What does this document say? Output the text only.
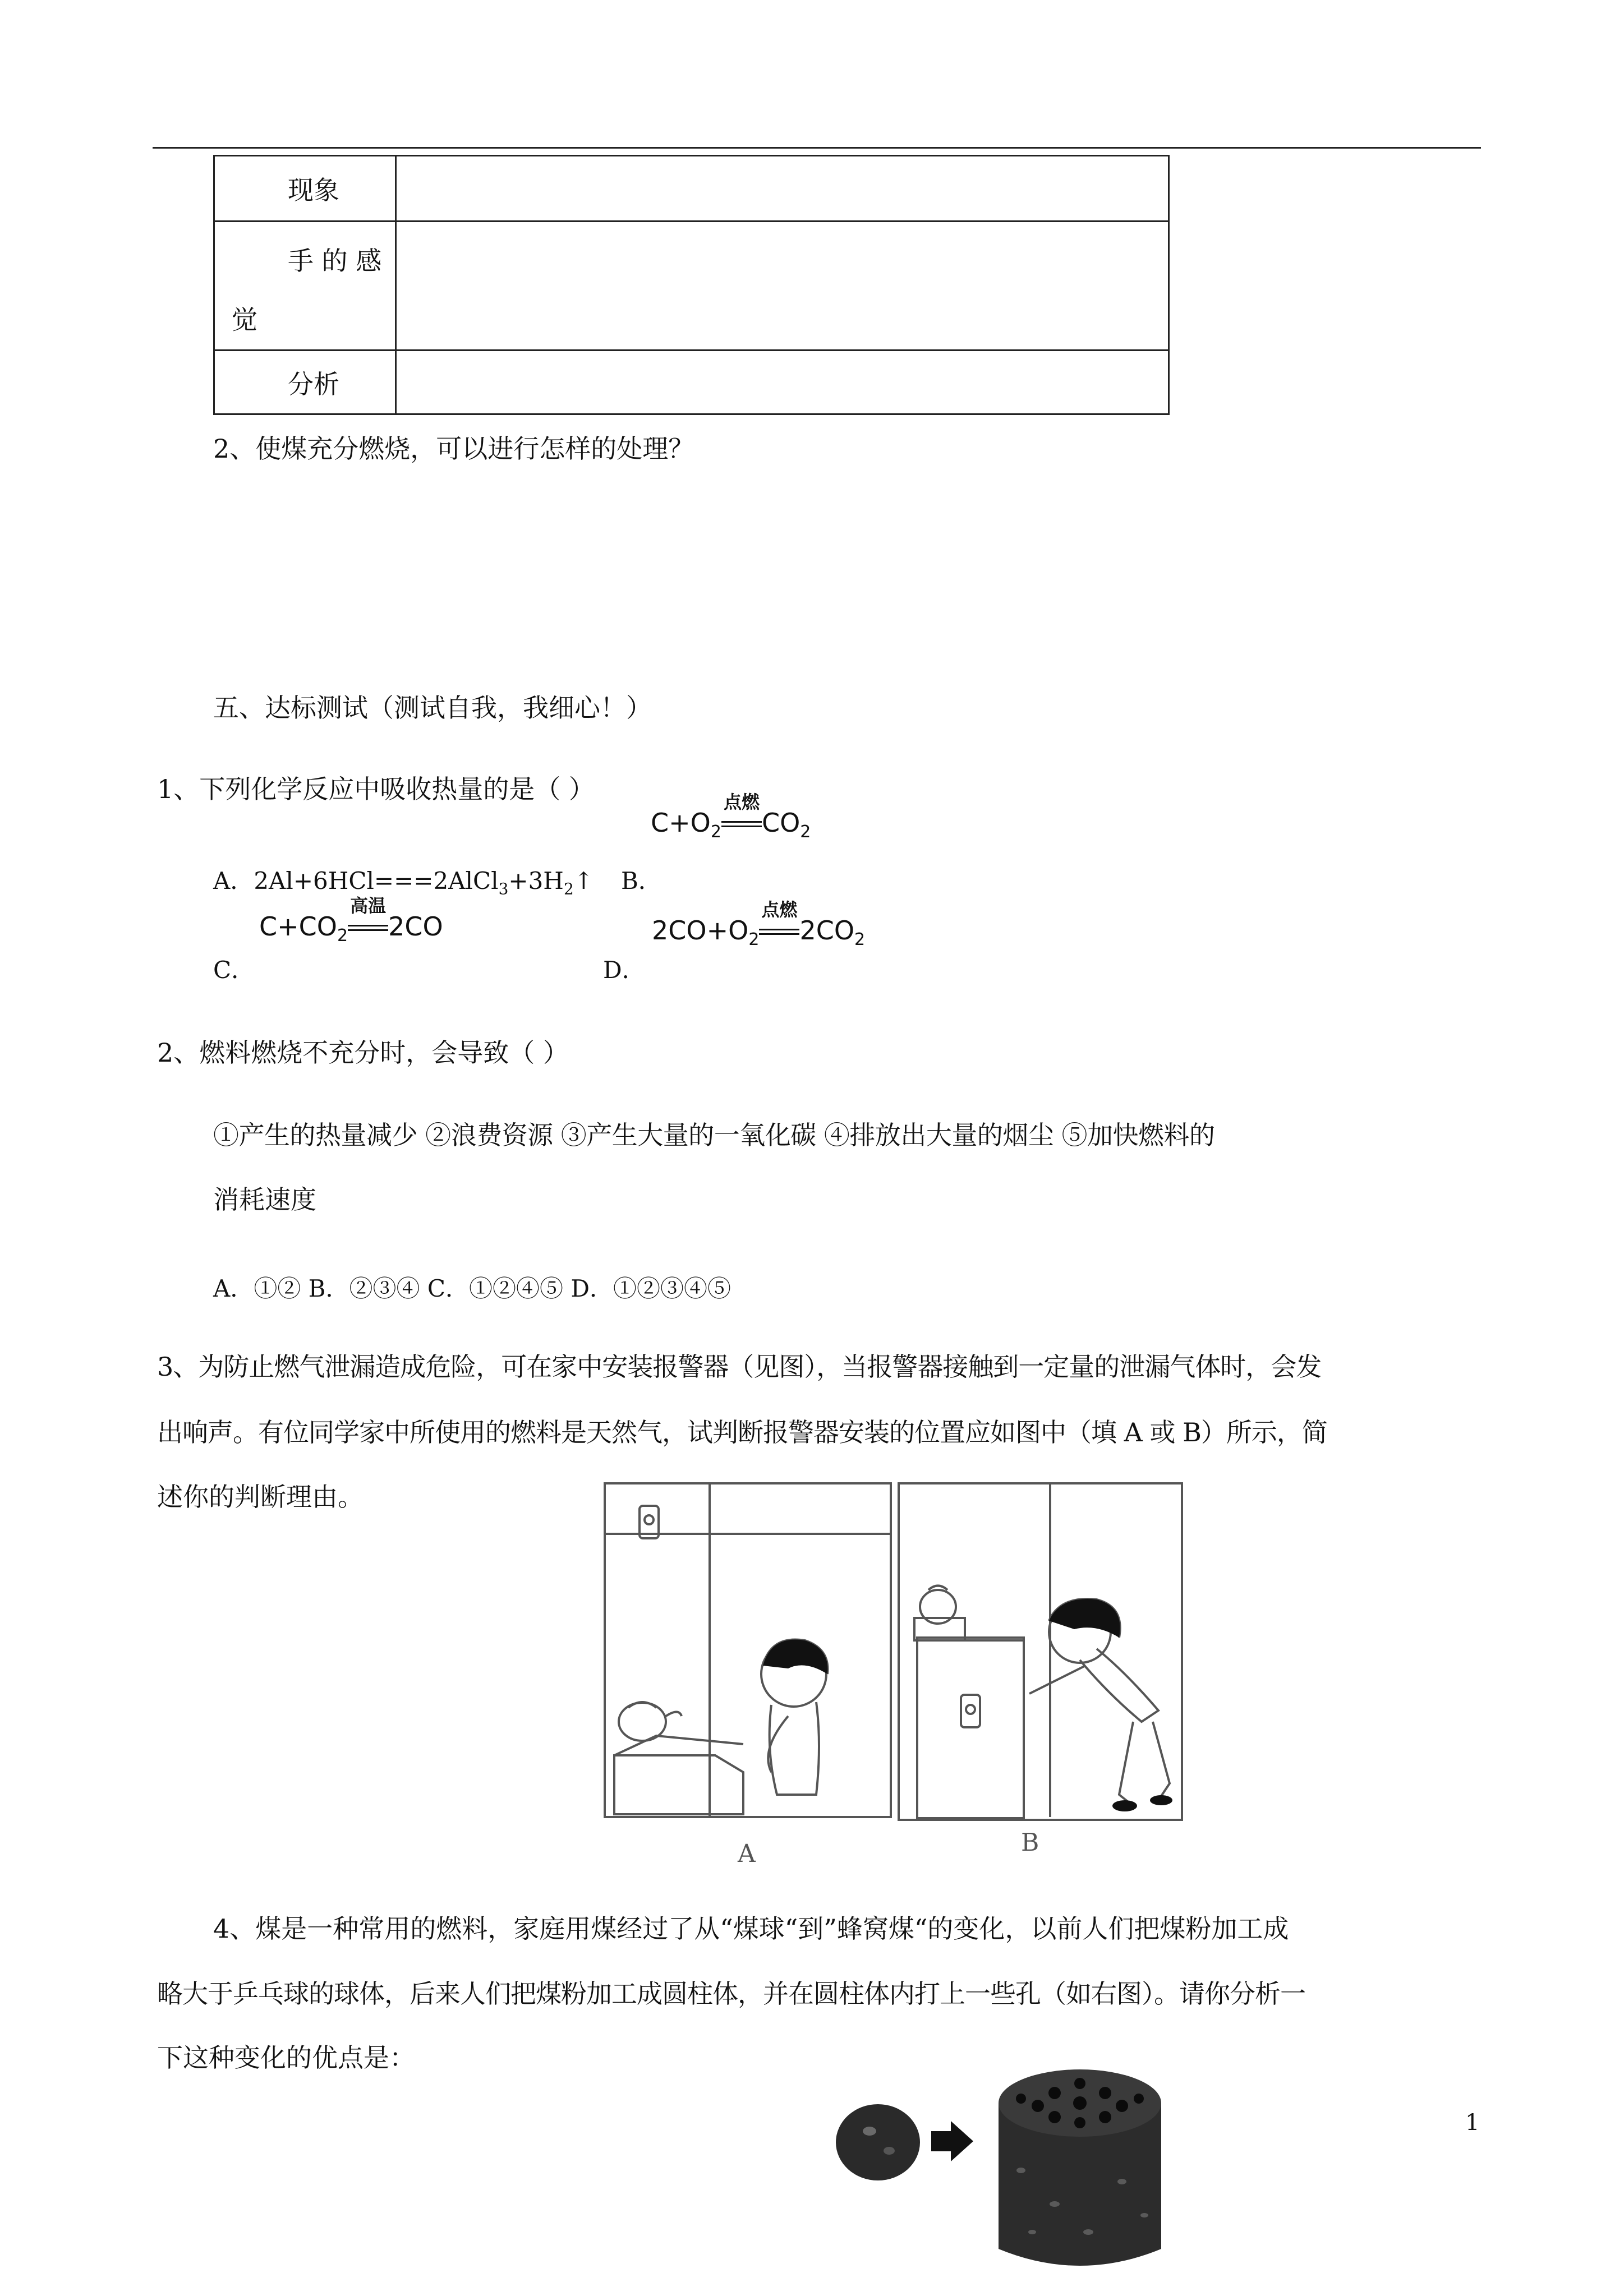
现象	

手 的 感
觉	

分析	
2、使煤充分燃烧，可以进行怎样的处理？
五、达标测试（测试自我，我细心！）
1、下列化学反应中吸收热量的是（ ）
A．$2Al+6HCl===2AlCl_3+3H_2↑$ B．
$C+O_2$
点燃
$CO_2$
$C+CO_2$
高温
2CO
C．
$2CO+O_2$
点燃
$2CO_2$
D．
2、燃料燃烧不充分时，会导致（ ）
①产生的热量减少 ②浪费资源 ③产生大量的一氧化碳 ④排放出大量的烟尘 ⑤加快燃料的
消耗速度
A．①② B．②③④ C．①②④⑤ D．①②③④⑤
3、为防止燃气泄漏造成危险，可在家中安装报警器（见图），当报警器接触到一定量的泄漏气体时，会发
出响声。有位同学家中所使用的燃料是天然气，试判断报警器安装的位置应如图中（填 A 或 B）所示，简
述你的判断理由。
A	B
4、煤是一种常用的燃料，家庭用煤经过了从“煤球“到”蜂窝煤“的变化，以前人们把煤粉加工成
略大于乒乓球的球体，后来人们把煤粉加工成圆柱体，并在圆柱体内打上一些孔（如右图）。请你分析一
下这种变化的优点是：
1
